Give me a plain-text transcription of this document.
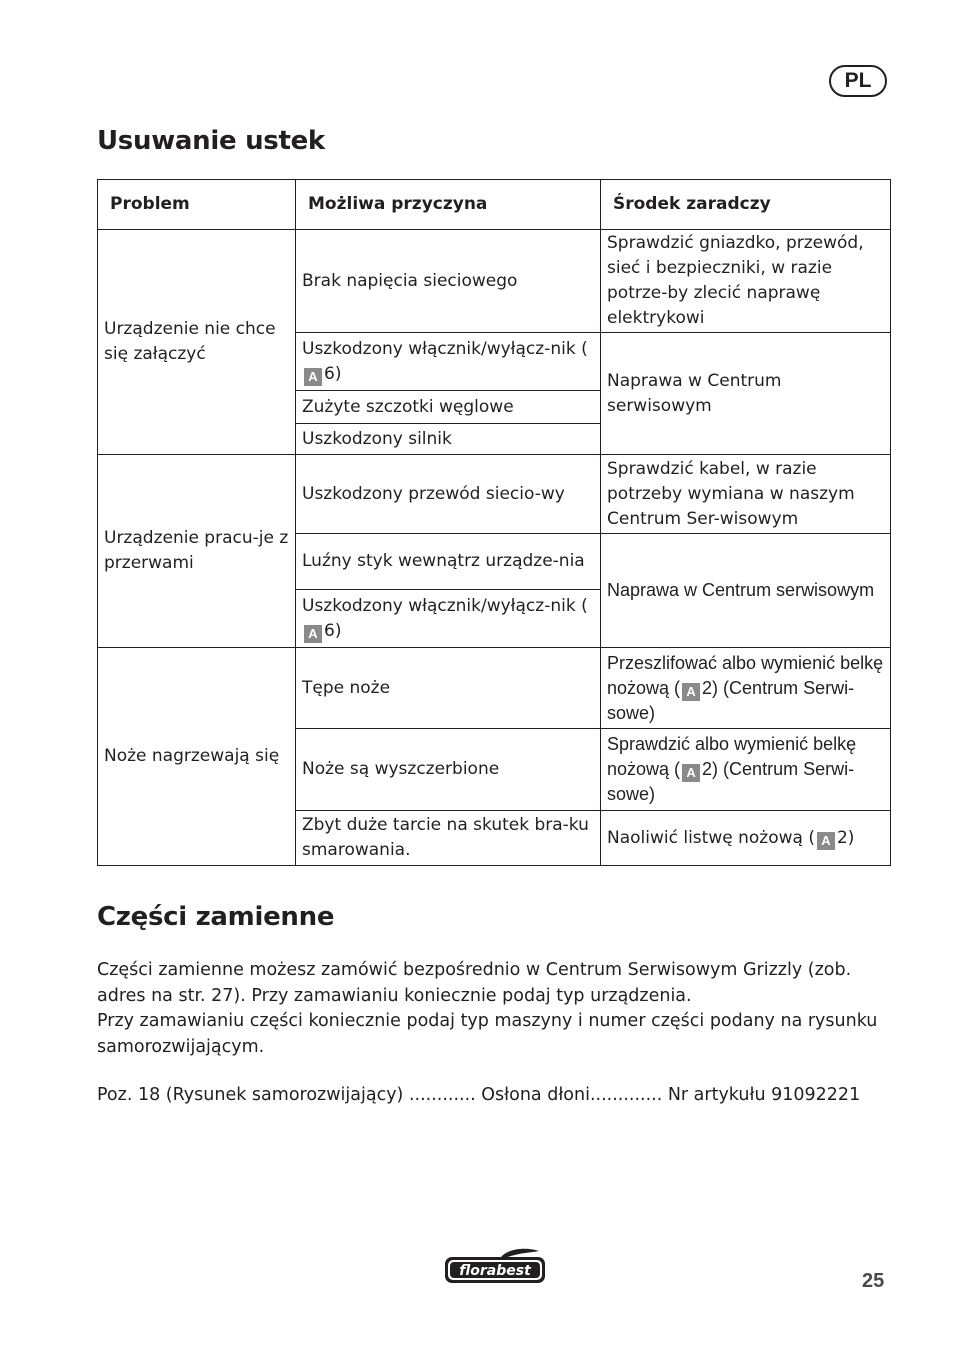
PL
Usuwanie ustek
Problem	Możliwa przyczyna	Środek zaradczy
Urządzenie nie chce się załączyć	Brak napięcia sieciowego	Sprawdzić gniazdko, przewód, sieć i bezpieczniki, w razie potrze-by zlecić naprawę elektrykowi
	Uszkodzony włącznik/wyłącz-nik (A 6)	Naprawa w Centrum serwisowym
	Zużyte szczotki węglowe	
	Uszkodzony silnik	
Urządzenie pracu-je z przerwami	Uszkodzony przewód siecio-wy	Sprawdzić kabel, w razie potrzeby wymiana w naszym Centrum Ser-wisowym
	Luźny styk wewnątrz urządze-nia	Naprawa w Centrum serwisowym
	Uszkodzony włącznik/wyłącz-nik (A 6)	
Noże nagrzewają się	Tępe noże	Przeszlifować albo wymienić belkę nożową ( A 2) (Centrum Serwi-sowe)
	Noże są wyszczerbione	Sprawdzić albo wymienić belkę nożową ( A 2) (Centrum Serwi-sowe)
	Zbyt duże tarcie na skutek bra-ku smarowania.	Naoliwić listwę nożową ( A 2)
Części zamienne

Części zamienne możesz zamówić bezpośrednio w Centrum Serwisowym Grizzly (zob. adres na str. 27). Przy zamawianiu koniecznie podaj typ urządzenia.

Przy zamawianiu części koniecznie podaj typ maszyny i numer części podany na rysunku samorozwijającym.

Poz. 18 (Rysunek samorozwijający) ............ Osłona dłoni............. Nr artykułu 91092221
florabest	25
